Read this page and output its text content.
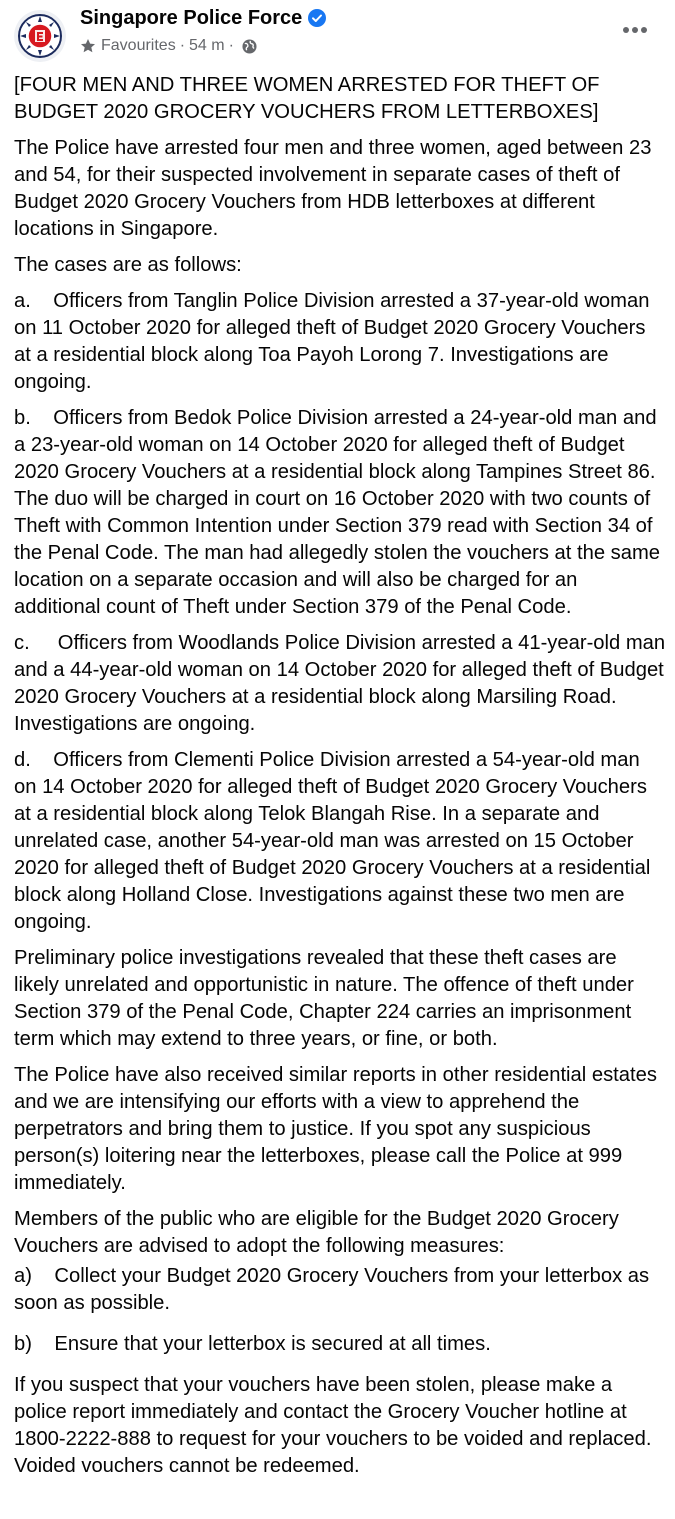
Singapore Police Force
Favourites · 54 m ·

[FOUR MEN AND THREE WOMEN ARRESTED FOR THEFT OF BUDGET 2020 GROCERY VOUCHERS FROM LETTERBOXES]

The Police have arrested four men and three women, aged between 23 and 54, for their suspected involvement in separate cases of theft of Budget 2020 Grocery Vouchers from HDB letterboxes at different locations in Singapore.

The cases are as follows:

a.    Officers from Tanglin Police Division arrested a 37-year-old woman on 11 October 2020 for alleged theft of Budget 2020 Grocery Vouchers at a residential block along Toa Payoh Lorong 7. Investigations are ongoing.

b.    Officers from Bedok Police Division arrested a 24-year-old man and a 23-year-old woman on 14 October 2020 for alleged theft of Budget 2020 Grocery Vouchers at a residential block along Tampines Street 86. The duo will be charged in court on 16 October 2020 with two counts of Theft with Common Intention under Section 379 read with Section 34 of the Penal Code. The man had allegedly stolen the vouchers at the same location on a separate occasion and will also be charged for an additional count of Theft under Section 379 of the Penal Code.

c.     Officers from Woodlands Police Division arrested a 41-year-old man and a 44-year-old woman on 14 October 2020 for alleged theft of Budget 2020 Grocery Vouchers at a residential block along Marsiling Road. Investigations are ongoing.

d.    Officers from Clementi Police Division arrested a 54-year-old man on 14 October 2020 for alleged theft of Budget 2020 Grocery Vouchers at a residential block along Telok Blangah Rise. In a separate and unrelated case, another 54-year-old man was arrested on 15 October 2020 for alleged theft of Budget 2020 Grocery Vouchers at a residential block along Holland Close. Investigations against these two men are ongoing.

Preliminary police investigations revealed that these theft cases are likely unrelated and opportunistic in nature. The offence of theft under Section 379 of the Penal Code, Chapter 224 carries an imprisonment term which may extend to three years, or fine, or both.

The Police have also received similar reports in other residential estates and we are intensifying our efforts with a view to apprehend the perpetrators and bring them to justice. If you spot any suspicious person(s) loitering near the letterboxes, please call the Police at 999 immediately.

Members of the public who are eligible for the Budget 2020 Grocery Vouchers are advised to adopt the following measures:

a)    Collect your Budget 2020 Grocery Vouchers from your letterbox as soon as possible.

b)    Ensure that your letterbox is secured at all times.

If you suspect that your vouchers have been stolen, please make a police report immediately and contact the Grocery Voucher hotline at 1800-2222-888 to request for your vouchers to be voided and replaced. Voided vouchers cannot be redeemed.
